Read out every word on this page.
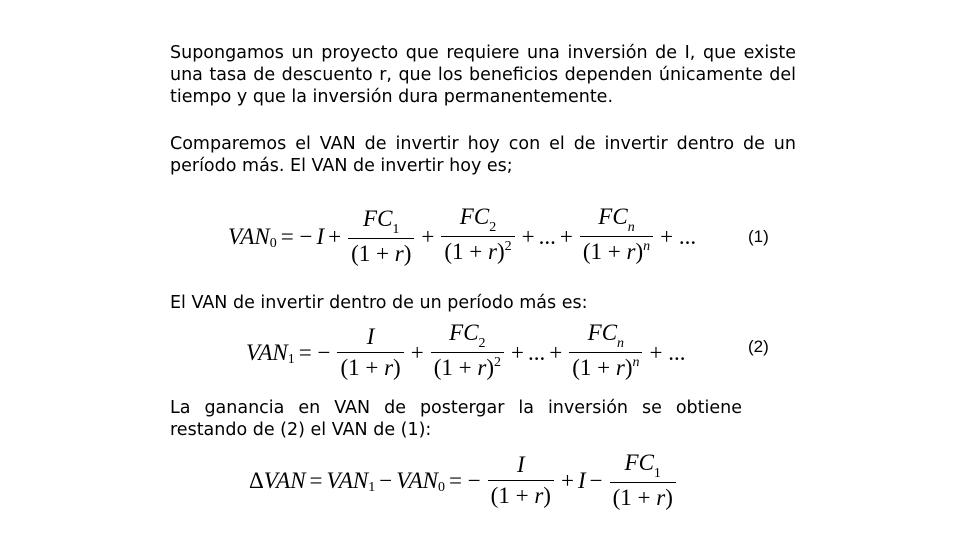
Supongamos un proyecto que requiere una inversión de I, que existe
una tasa de descuento r, que los beneficios dependen únicamente del
tiempo y que la inversión dura permanentemente.
Comparemos el VAN de invertir hoy con el de invertir dentro de un
período más. El VAN de invertir hoy es;
VAN 0 = − $I + \frac{FC_1}{(1 + r)} + \frac{FC_2}{(1 + r)^2}$ + ... + $\frac{FC_n}{(1 + r)^n}$ + ...	(1)
El VAN de invertir dentro de un período más es:
VAN 1 = − $\frac{I}{(1 + r)} + \frac{FC_2}{(1 + r)^2}$ + ... + $\frac{FC_n}{(1 + r)^n}$ + ...	(2)
La ganancia en VAN de postergar la inversión se obtiene
restando de (2) el VAN de (1):
Δ VAN = VAN 1 − VAN 0 = − $\frac{I}{(1 + r)} + I - \frac{FC_1}{(1 + r)}$
